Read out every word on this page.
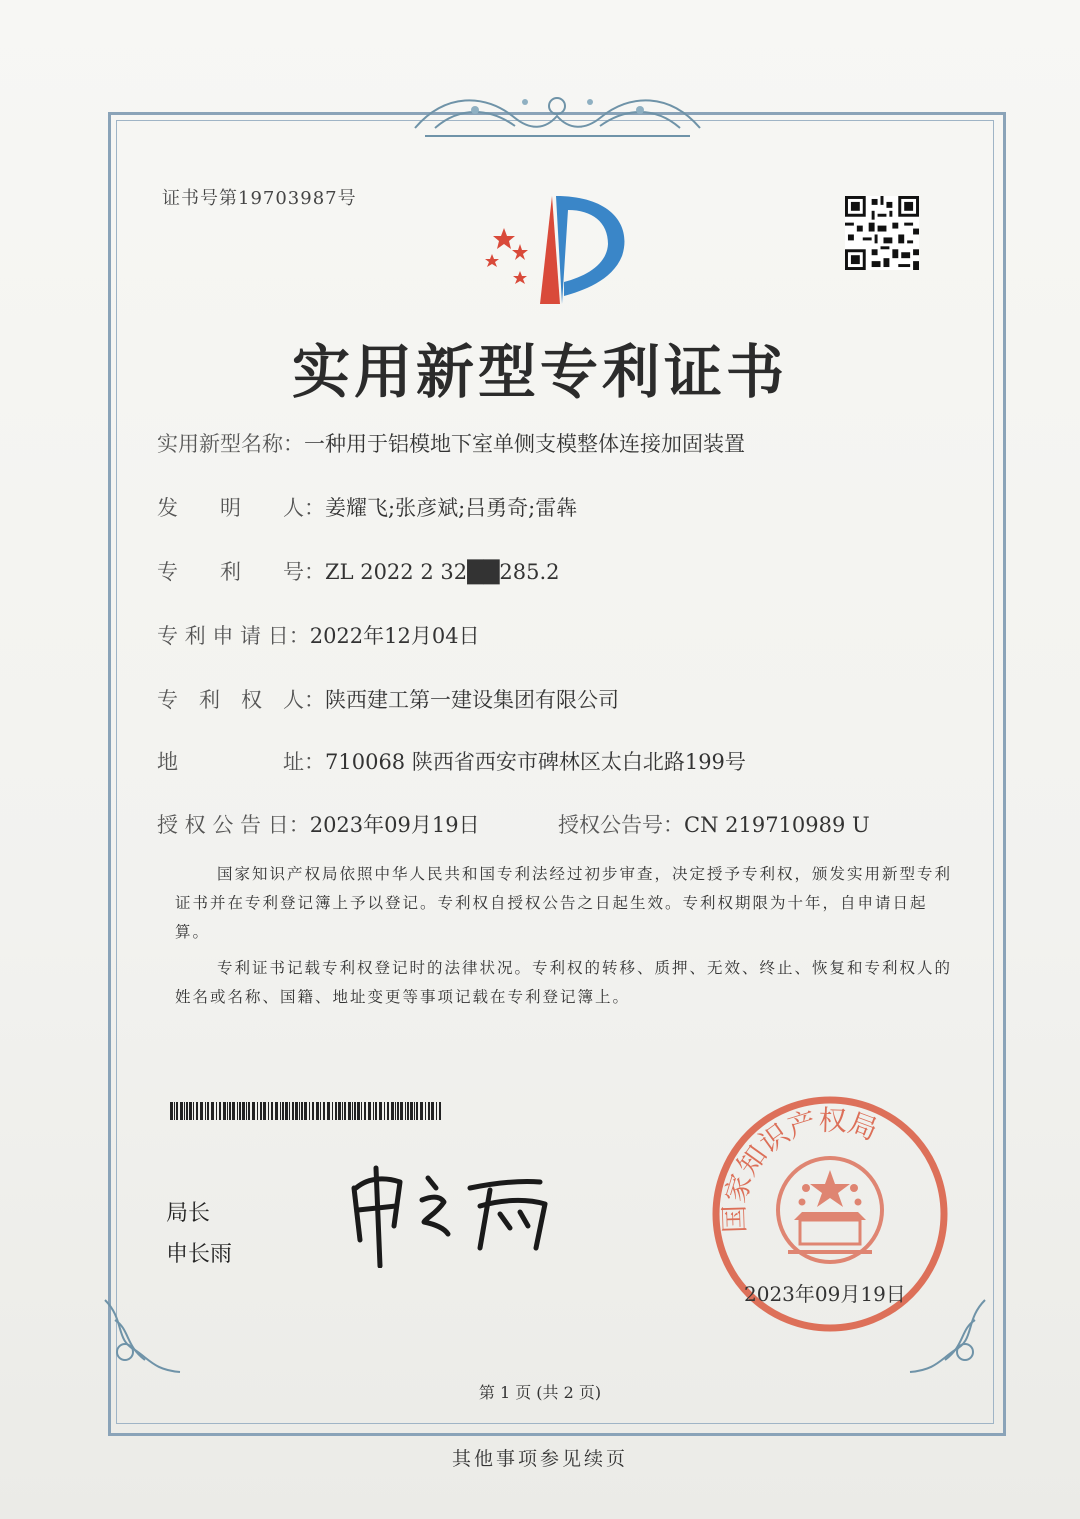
证书号第19703987号
实用新型专利证书
实用新型名称：一种用于铝模地下室单侧支模整体连接加固装置
发　　明　　人：姜耀飞;张彦斌;吕勇奇;雷犇
专　　利　　号：ZL 2022 2 32██285.2
专 利 申 请 日：2022年12月04日
专　利　权　人：陕西建工第一建设集团有限公司
地　　　　　址：710068 陕西省西安市碑林区太白北路199号
授 权 公 告 日：2023年09月19日	授权公告号：CN 219710989 U

国家知识产权局依照中华人民共和国专利法经过初步审查，决定授予专利权，颁发实用新型专利证书并在专利登记簿上予以登记。专利权自授权公告之日起生效。专利权期限为十年，自申请日起算。

专利证书记载专利权登记时的法律状况。专利权的转移、质押、无效、终止、恢复和专利权人的姓名或名称、国籍、地址变更等事项记载在专利登记簿上。

局长
申长雨
国家知识产权局
2023年09月19日
第 1 页 (共 2 页)
其他事项参见续页
